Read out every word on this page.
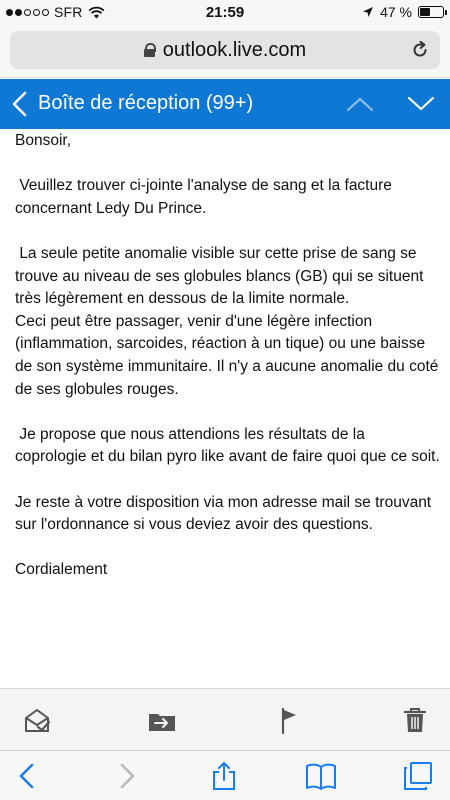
SFR	21:59	47 %
outlook.live.com
Boîte de réception (99+)

Bonsoir,

Veuillez trouver ci-jointe l'analyse de sang et la facture concernant Ledy Du Prince.

La seule petite anomalie visible sur cette prise de sang se trouve au niveau de ses globules blancs (GB) qui se situent très légèrement en dessous de la limite normale.

Ceci peut être passager, venir d'une légère infection (inflammation, sarcoides, réaction à un tique) ou une baisse de son système immunitaire. Il n'y a aucune anomalie du coté de ses globules rouges.

Je propose que nous attendions les résultats de la coprologie et du bilan pyro like avant de faire quoi que ce soit.

Je reste à votre disposition via mon adresse mail se trouvant sur l'ordonnance si vous deviez avoir des questions.

Cordialement
